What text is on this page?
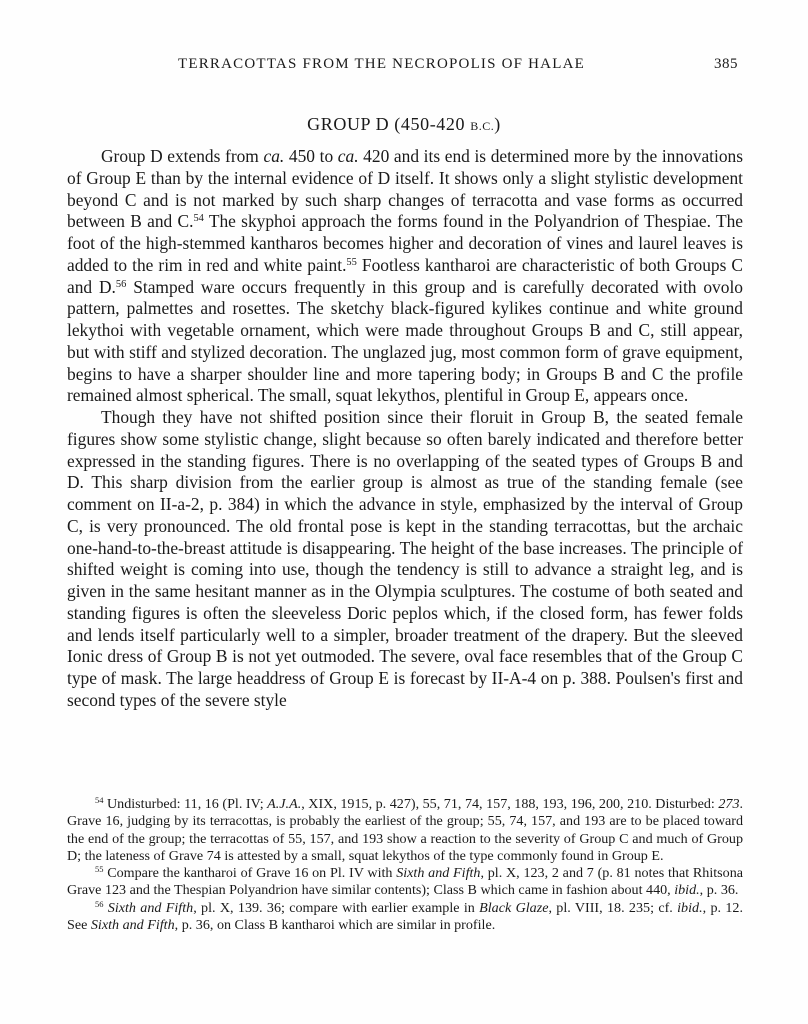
TERRACOTTAS FROM THE NECROPOLIS OF HALAE	385
GROUP D (450-420 B.C.)

Group D extends from ca. 450 to ca. 420 and its end is determined more by the innovations of Group E than by the internal evidence of D itself. It shows only a slight stylistic development beyond C and is not marked by such sharp changes of terracotta and vase forms as occurred between B and C.$^{54}$ The skyphoi approach the forms found in the Polyandrion of Thespiae. The foot of the high-stemmed kantharos becomes higher and decoration of vines and laurel leaves is added to the rim in red and white paint.$^{55}$ Footless kantharoi are characteristic of both Groups C and D.$^{56}$ Stamped ware occurs frequently in this group and is carefully decorated with ovolo pattern, palmettes and rosettes. The sketchy black-figured kylikes continue and white ground lekythoi with vegetable ornament, which were made throughout Groups B and C, still appear, but with stiff and stylized decoration. The unglazed jug, most common form of grave equipment, begins to have a sharper shoulder line and more tapering body; in Groups B and C the profile remained almost spherical. The small, squat lekythos, plentiful in Group E, appears once.

Though they have not shifted position since their floruit in Group B, the seated female figures show some stylistic change, slight because so often barely indicated and therefore better expressed in the standing figures. There is no overlapping of the seated types of Groups B and D. This sharp division from the earlier group is almost as true of the standing female (see comment on II-a-2, p. 384) in which the advance in style, emphasized by the interval of Group C, is very pronounced. The old frontal pose is kept in the standing terracottas, but the archaic one-hand-to-the-breast attitude is disappearing. The height of the base increases. The principle of shifted weight is coming into use, though the tendency is still to advance a straight leg, and is given in the same hesitant manner as in the Olympia sculptures. The costume of both seated and standing figures is often the sleeveless Doric peplos which, if the closed form, has fewer folds and lends itself particularly well to a simpler, broader treatment of the drapery. But the sleeved Ionic dress of Group B is not yet outmoded. The severe, oval face resembles that of the Group C type of mask. The large headdress of Group E is forecast by II-A-4 on p. 388. Poulsen's first and second types of the severe style

$^{54}$ Undisturbed: 11, 16 (Pl. IV; A.J.A., XIX, 1915, p. 427), 55, 71, 74, 157, 188, 193, 196, 200, 210. Disturbed: 273. Grave 16, judging by its terracottas, is probably the earliest of the group; 55, 74, 157, and 193 are to be placed toward the end of the group; the terracottas of 55, 157, and 193 show a reaction to the severity of Group C and much of Group D; the lateness of Grave 74 is attested by a small, squat lekythos of the type commonly found in Group E.

$^{55}$ Compare the kantharoi of Grave 16 on Pl. IV with Sixth and Fifth, pl. X, 123, 2 and 7 (p. 81 notes that Rhitsona Grave 123 and the Thespian Polyandrion have similar contents); Class B which came in fashion about 440, ibid., p. 36.

$^{56}$ Sixth and Fifth, pl. X, 139. 36; compare with earlier example in Black Glaze, pl. VIII, 18. 235; cf. ibid., p. 12. See Sixth and Fifth, p. 36, on Class B kantharoi which are similar in profile.
